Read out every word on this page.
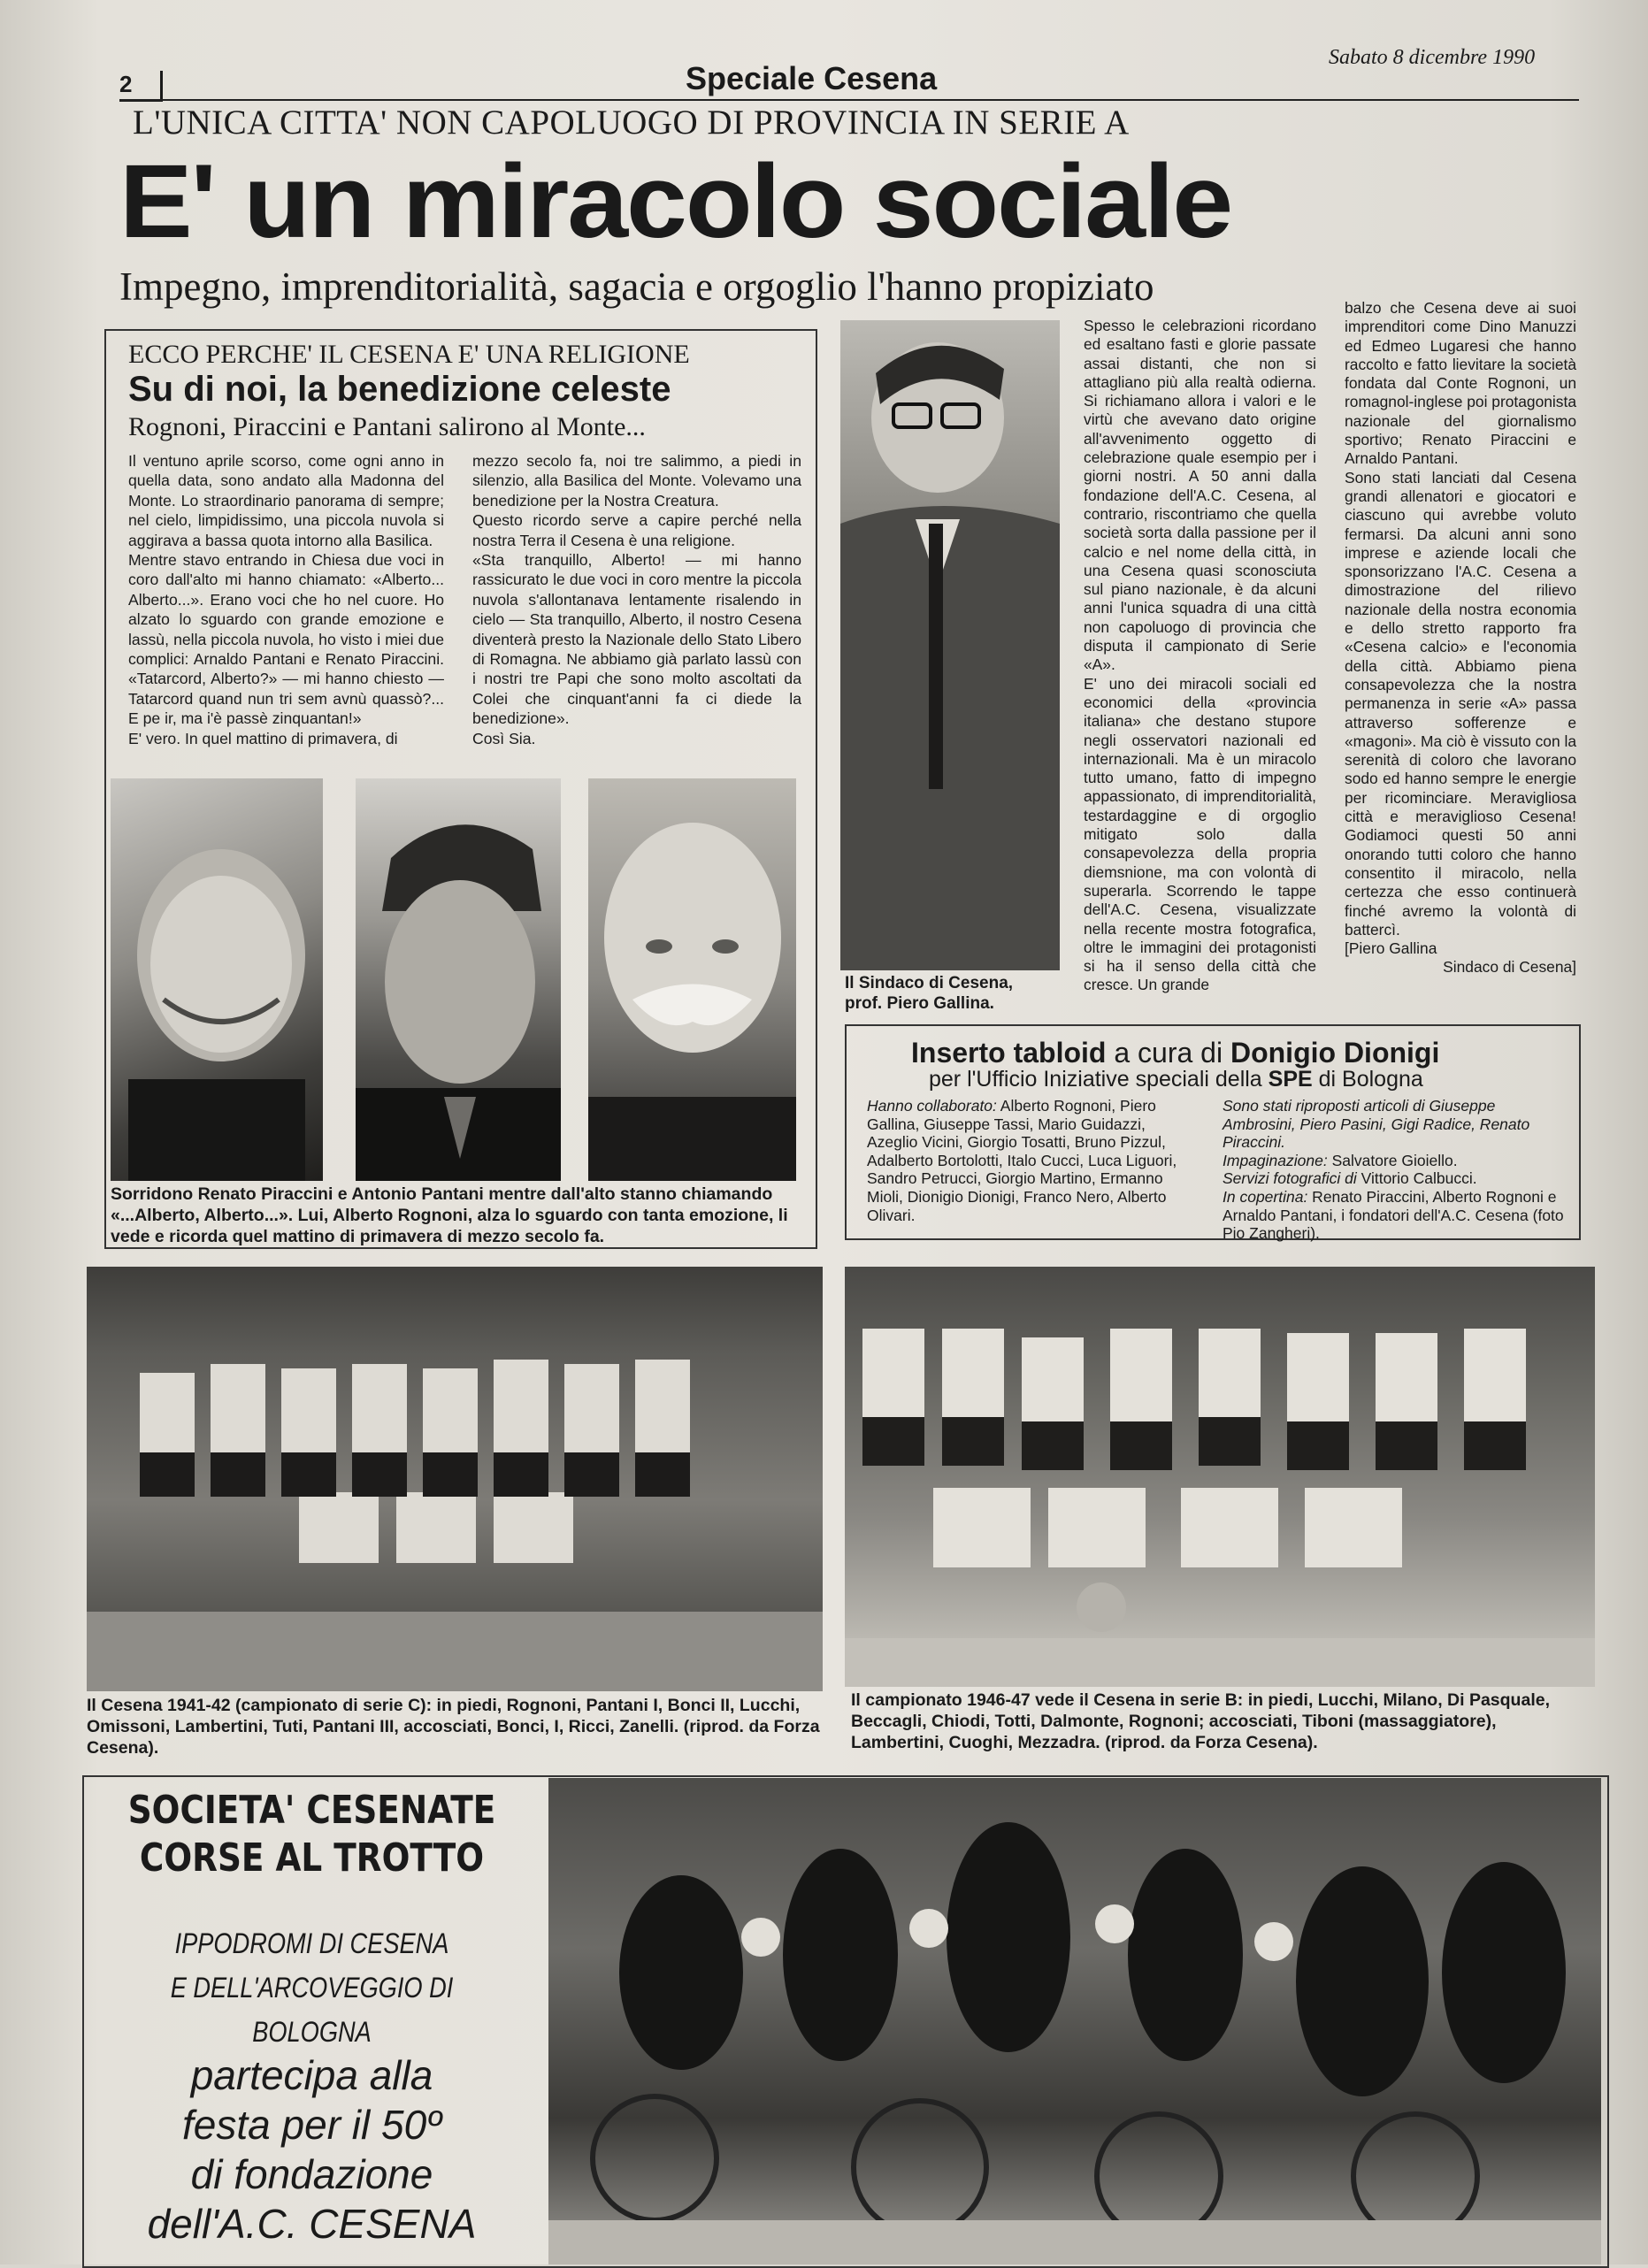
2	Speciale Cesena
Sabato 8 dicembre 1990
L'UNICA CITTA' NON CAPOLUOGO DI PROVINCIA IN SERIE A
E' un miracolo sociale
Impegno, imprenditorialità, sagacia e orgoglio l'hanno propiziato
ECCO PERCHE' IL CESENA E' UNA RELIGIONE
Su di noi, la benedizione celeste
Rognoni, Piraccini e Pantani salirono al Monte...

Il ventuno aprile scorso, come ogni anno in quella data, sono andato alla Madonna del Monte. Lo straordinario panorama di sempre; nel cielo, limpidissimo, una piccola nuvola si aggirava a bassa quota intorno alla Basilica.

Mentre stavo entrando in Chiesa due voci in coro dall'alto mi hanno chiamato: «Alberto... Alberto...». Erano voci che ho nel cuore. Ho alzato lo sguardo con grande emozione e lassù, nella piccola nuvola, ho visto i miei due complici: Arnaldo Pantani e Renato Piraccini. «Tatarcord, Alberto?» — mi hanno chiesto — Tatarcord quand nun tri sem avnù quassò?... E pe ir, ma i'è passè zinquantan!»

E' vero. In quel mattino di primavera, di

mezzo secolo fa, noi tre salimmo, a piedi in silenzio, alla Basilica del Monte. Volevamo una benedizione per la Nostra Creatura.

Questo ricordo serve a capire perché nella nostra Terra il Cesena è una religione.

«Sta tranquillo, Alberto! — mi hanno rassicurato le due voci in coro mentre la piccola nuvola s'allontanava lentamente risalendo in cielo — Sta tranquillo, Alberto, il nostro Cesena diventerà presto la Nazionale dello Stato Libero di Romagna. Ne abbiamo già parlato lassù con i nostri tre Papi che sono molto ascoltati da Colei che cinquant'anni fa ci diede la benedizione».

Così Sia.

Sorridono Renato Piraccini e Antonio Pantani mentre dall'alto stanno chiamando «...Alberto, Alberto...». Lui, Alberto Rognoni, alza lo sguardo con tanta emozione, li vede e ricorda quel mattino di primavera di mezzo secolo fa.
Il Sindaco di Cesena,
prof. Piero Gallina.

Spesso le celebrazioni ricordano ed esaltano fasti e glorie passate assai distanti, che non si attagliano più alla realtà odierna. Si richiamano allora i valori e le virtù che avevano dato origine all'avvenimento oggetto di celebrazione quale esempio per i giorni nostri. A 50 anni dalla fondazione dell'A.C. Cesena, al contrario, riscontriamo che quella società sorta dalla passione per il calcio e nel nome della città, in una Cesena quasi sconosciuta sul piano nazionale, è da alcuni anni l'unica squadra di una città non capoluogo di provincia che disputa il campionato di Serie «A».

E' uno dei miracoli sociali ed economici della «provincia italiana» che destano stupore negli osservatori nazionali ed internazionali. Ma è un miracolo tutto umano, fatto di impegno appassionato, di imprenditorialità, testardaggine e di orgoglio mitigato solo dalla consapevolezza della propria diemsnione, ma con volontà di superarla. Scorrendo le tappe dell'A.C. Cesena, visualizzate nella recente mostra fotografica, oltre le immagini dei protagonisti si ha il senso della città che cresce. Un grande

balzo che Cesena deve ai suoi imprenditori come Dino Manuzzi ed Edmeo Lugaresi che hanno raccolto e fatto lievitare la società fondata dal Conte Rognoni, un romagnol-inglese poi protagonista nazionale del giornalismo sportivo; Renato Piraccini e Arnaldo Pantani.

Sono stati lanciati dal Cesena grandi allenatori e giocatori e ciascuno qui avrebbe voluto fermarsi. Da alcuni anni sono imprese e aziende locali che sponsorizzano l'A.C. Cesena a dimostrazione del rilievo nazionale della nostra economia e dello stretto rapporto fra «Cesena calcio» e l'economia della città. Abbiamo piena consapevolezza che la nostra permanenza in serie «A» passa attraverso sofferenze e «magoni». Ma ciò è vissuto con la serenità di coloro che lavorano sodo ed hanno sempre le energie per ricominciare. Meravigliosa città e meraviglioso Cesena! Godiamoci questi 50 anni onorando tutti coloro che hanno consentito il miracolo, nella certezza che esso continuerà finché avremo la volontà di battercì.

[Piero Gallina

Sindaco di Cesena]

Inserto tabloid a cura di Donigio Dionigi
per l'Ufficio Iniziative speciali della SPE di Bologna
Hanno collaborato: Alberto Rognoni, Piero Gallina, Giuseppe Tassi, Mario Guidazzi, Azeglio Vicini, Giorgio Tosatti, Bruno Pizzul, Adalberto Bortolotti, Italo Cucci, Luca Liguori, Sandro Petrucci, Giorgio Martino, Ermanno Mioli, Dionigio Dionigi, Franco Nero, Alberto Olivari.
Sono stati riproposti articoli di Giuseppe Ambrosini, Piero Pasini, Gigi Radice, Renato Piraccini.
Impaginazione: Salvatore Gioiello.
Servizi fotografici di Vittorio Calbucci.
In copertina: Renato Piraccini, Alberto Rognoni e Arnaldo Pantani, i fondatori dell'A.C. Cesena (foto Pio Zangheri).
Il Cesena 1941-42 (campionato di serie C): in piedi, Rognoni, Pantani I, Bonci II, Lucchi, Omissoni, Lambertini, Tuti, Pantani III, accosciati, Bonci, I, Ricci, Zanelli. (riprod. da Forza Cesena).
Il campionato 1946-47 vede il Cesena in serie B: in piedi, Lucchi, Milano, Di Pasquale, Beccagli, Chiodi, Totti, Dalmonte, Rognoni; accosciati, Tiboni (massaggiatore), Lambertini, Cuoghi, Mezzadra. (riprod. da Forza Cesena).
SOCIETA' CESENATE
CORSE AL TROTTO
IPPODROMI DI CESENA
E DELL'ARCOVEGGIO DI BOLOGNA
partecipa alla
festa per il 50º
di fondazione
dell'A.C. CESENA
